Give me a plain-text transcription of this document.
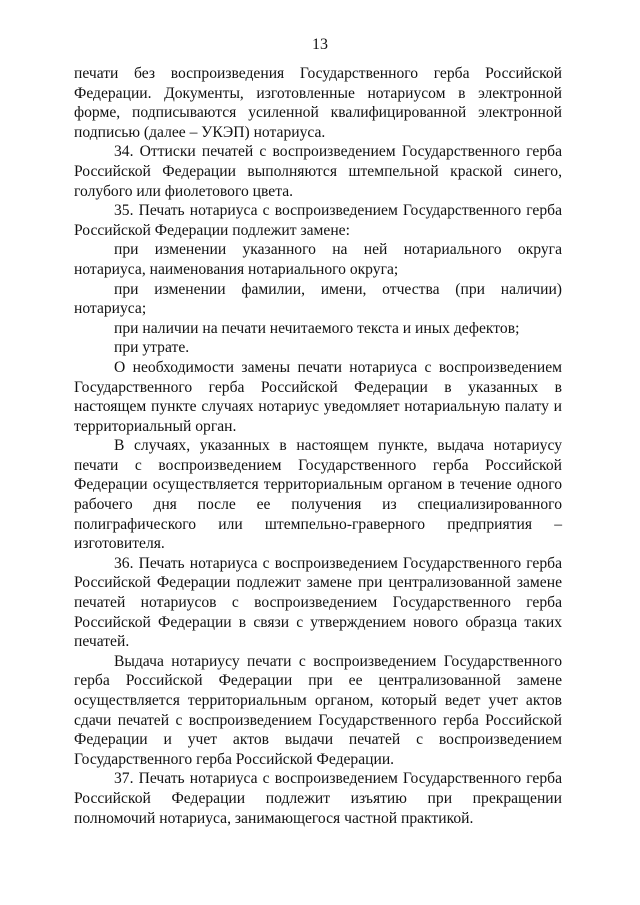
13

печати без воспроизведения Государственного герба Российской Федерации. Документы, изготовленные нотариусом в электронной форме, подписываются усиленной квалифицированной электронной подписью (далее – УКЭП) нотариуса.

34. Оттиски печатей с воспроизведением Государственного герба Российской Федерации выполняются штемпельной краской синего, голубого или фиолетового цвета.

35. Печать нотариуса с воспроизведением Государственного герба Российской Федерации подлежит замене:

при изменении указанного на ней нотариального округа нотариуса, наименования нотариального округа;

при изменении фамилии, имени, отчества (при наличии) нотариуса;

при наличии на печати нечитаемого текста и иных дефектов;

при утрате.

О необходимости замены печати нотариуса с воспроизведением Государственного герба Российской Федерации в указанных в настоящем пункте случаях нотариус уведомляет нотариальную палату и территориальный орган.

В случаях, указанных в настоящем пункте, выдача нотариусу печати с воспроизведением Государственного герба Российской Федерации осуществляется территориальным органом в течение одного рабочего дня после ее получения из специализированного полиграфического или штемпельно-граверного предприятия – изготовителя.

36. Печать нотариуса с воспроизведением Государственного герба Российской Федерации подлежит замене при централизованной замене печатей нотариусов с воспроизведением Государственного герба Российской Федерации в связи с утверждением нового образца таких печатей.

Выдача нотариусу печати с воспроизведением Государственного герба Российской Федерации при ее централизованной замене осуществляется территориальным органом, который ведет учет актов сдачи печатей с воспроизведением Государственного герба Российской Федерации и учет актов выдачи печатей с воспроизведением Государственного герба Российской Федерации.

37. Печать нотариуса с воспроизведением Государственного герба Российской Федерации подлежит изъятию при прекращении полномочий нотариуса, занимающегося частной практикой.
